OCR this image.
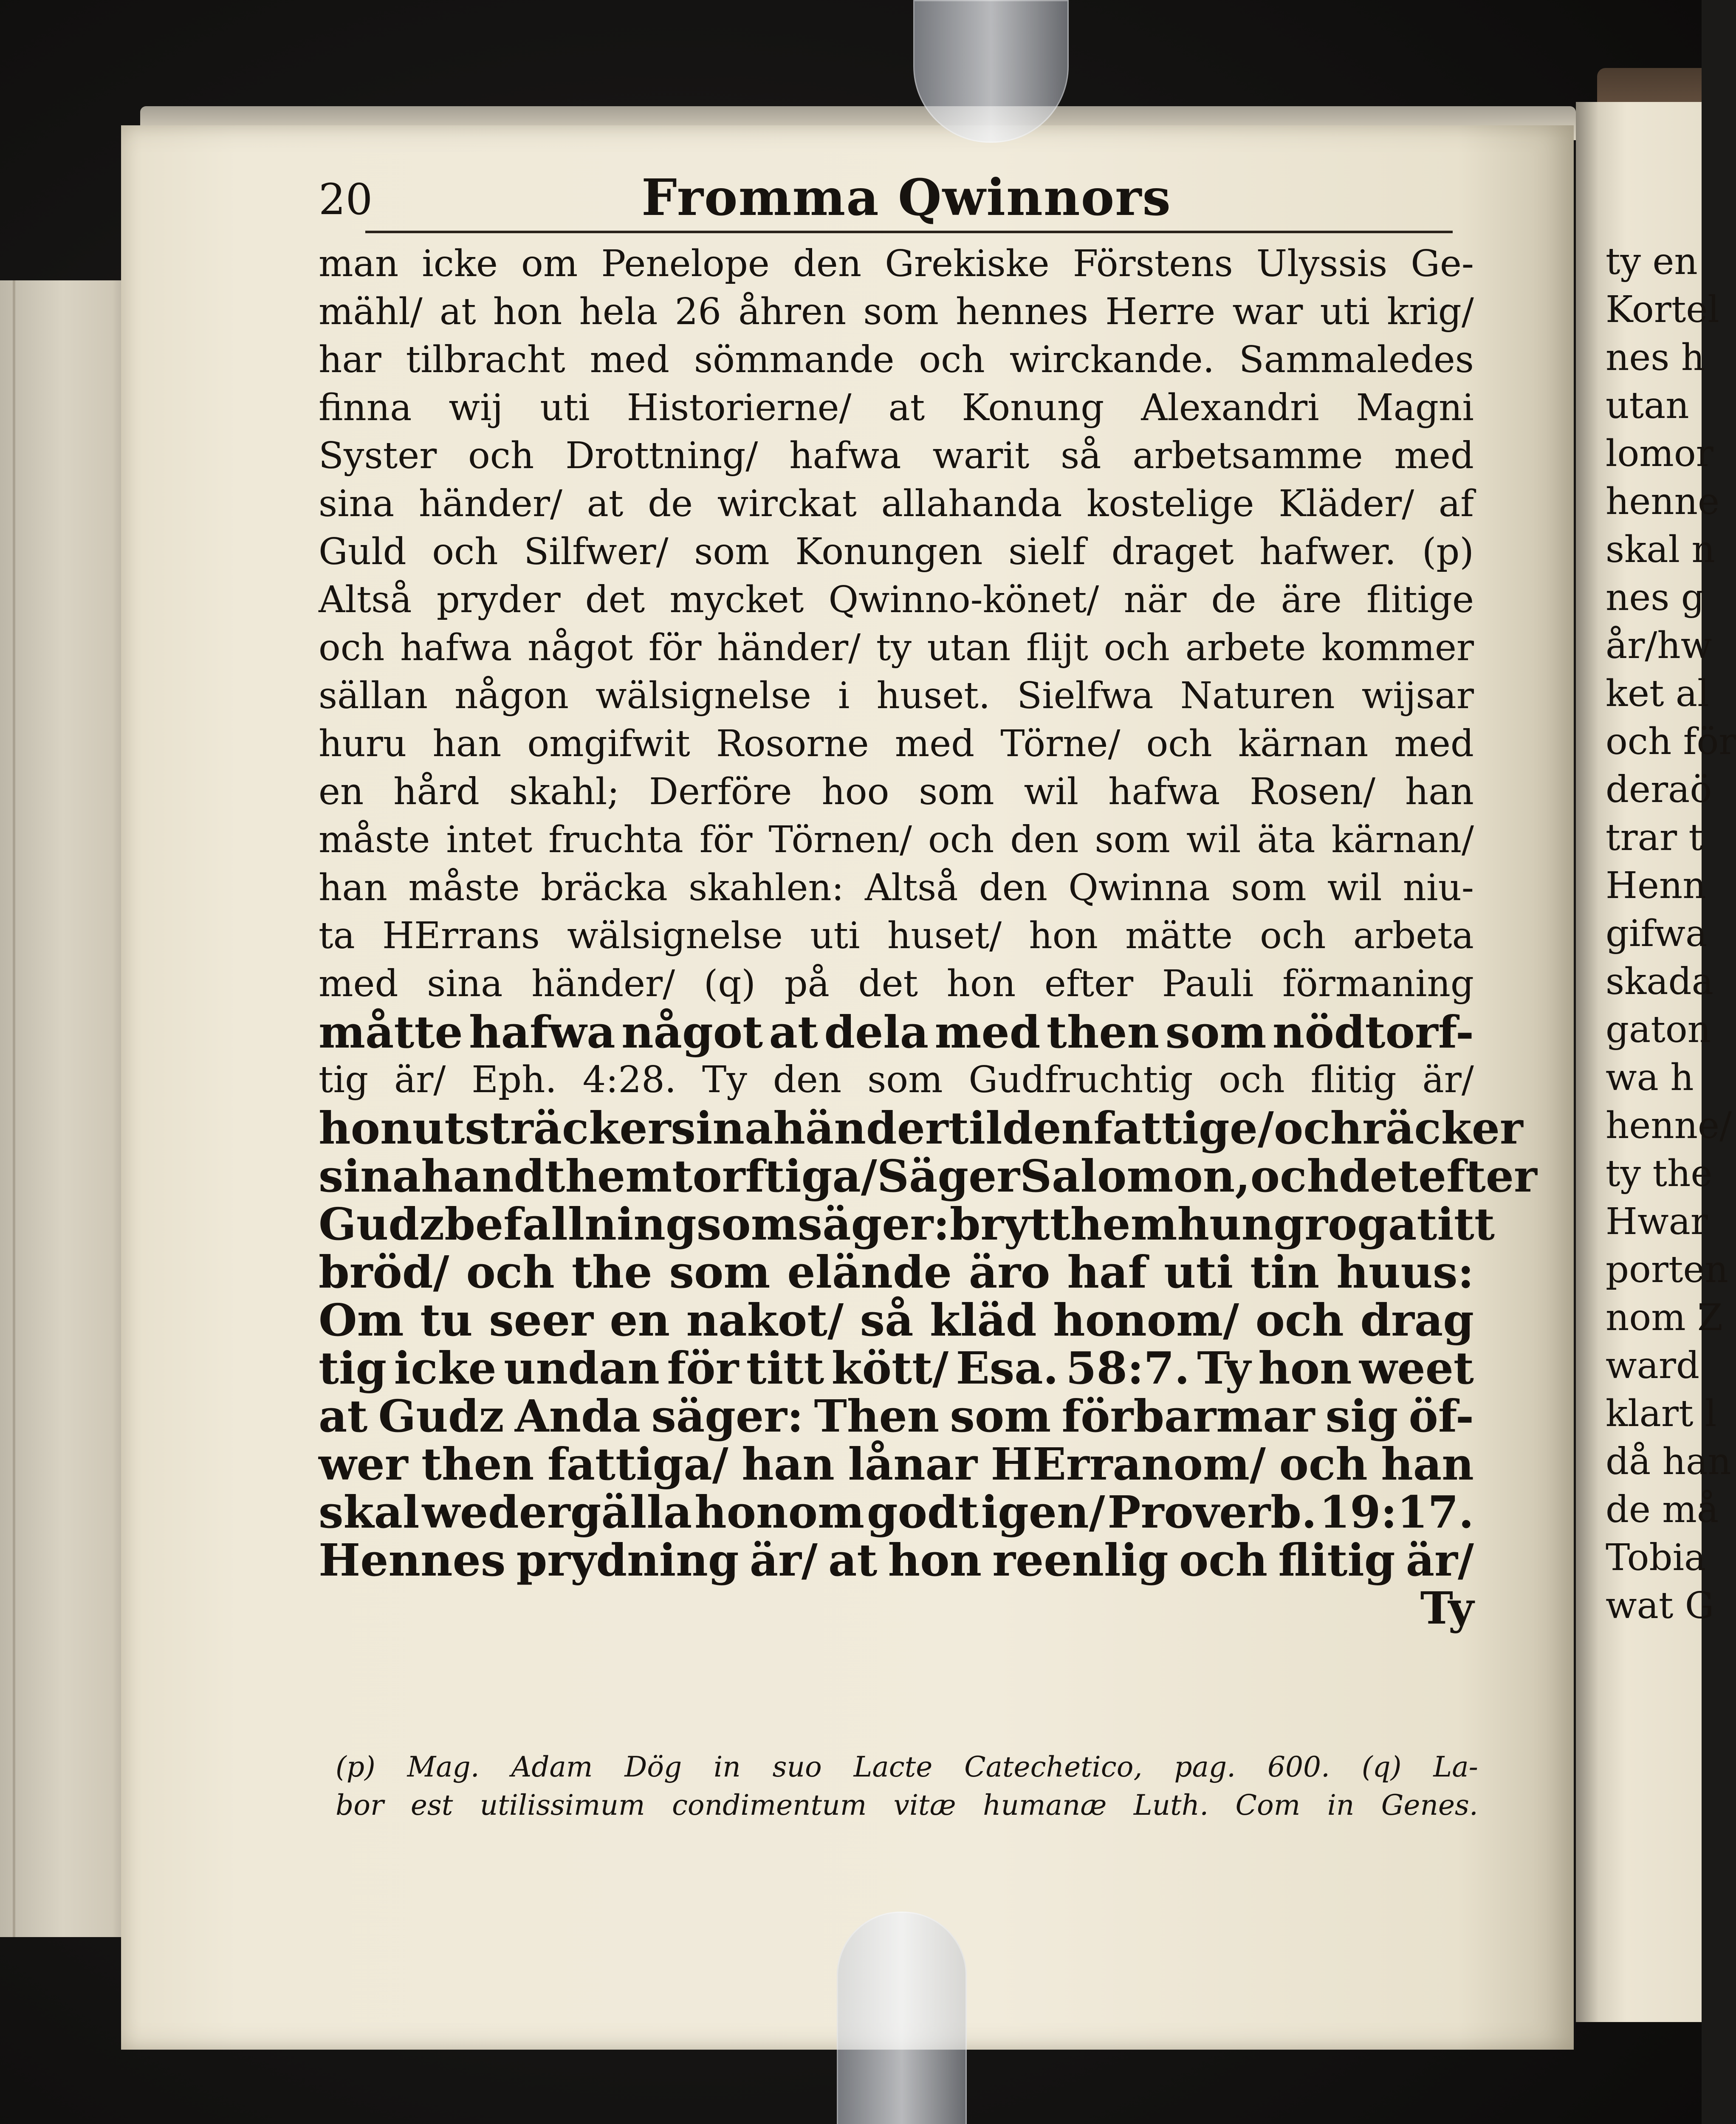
20	Fromma Qwinnors
man icke om Penelope den Grekiske Förstens Ulyssis Ge-
mähl/ at hon hela 26 åhren som hennes Herre war uti krig/
har tilbracht med sömmande och wirckande. Sammaledes
finna wij uti Historierne/ at Konung Alexandri Magni
Syster och Drottning/ hafwa warit så arbetsamme med
sina händer/ at de wirckat allahanda kostelige Kläder/ af
Guld och Silfwer/ som Konungen sielf draget hafwer. (p)
Altså pryder det mycket Qwinno-könet/ när de äre flitige
och hafwa något för händer/ ty utan flijt och arbete kommer
sällan någon wälsignelse i huset. Sielfwa Naturen wijsar
huru han omgifwit Rosorne med Törne/ och kärnan med
en hård skahl; Derföre hoo som wil hafwa Rosen/ han
måste intet fruchta för Törnen/ och den som wil äta kärnan/
han måste bräcka skahlen: Altså den Qwinna som wil niu-
ta HErrans wälsignelse uti huset/ hon mätte och arbeta
med sina händer/ (q) på det hon efter Pauli förmaning
måtte hafwa något at dela med then som nödtorf-
tig är/ Eph. 4:28. Ty den som Gudfruchtig och flitig är/
hon utsträcker sina händer til den fattige/ och räcker
sina hand them torftiga/ Säger Salomon, och det efter
Gudz befallning som säger: bryt them hungroga titt
bröd/ och the som elände äro haf uti tin huus:
Om tu seer en nakot/ så kläd honom/ och drag
tig icke undan för titt kött/ Esa. 58:7. Ty hon weet
at Gudz Anda säger: Then som förbarmar sig öf-
wer then fattiga/ han lånar HErranom/ och han
skal wedergälla honom godt igen/ Proverb. 19:17.
Hennes prydning är/ at hon reenlig och flitig är/
Ty
(p) Mag. Adam Dög in suo Lacte Catechetico, pag. 600. (q) La-
bor est utilissimum condimentum vitæ humanæ Luth. Com in Genes.
ty en
Kortel
nes h
utan
lomor
henne
skal n
nes g
år/hw
ket al
och för
deraö
trar t
Henn
gifwa
skada
gaton
wa h
henne/
ty the
Hwar
porten
nom Z
ward
klart l
då han
de må
Tobia
wat G
